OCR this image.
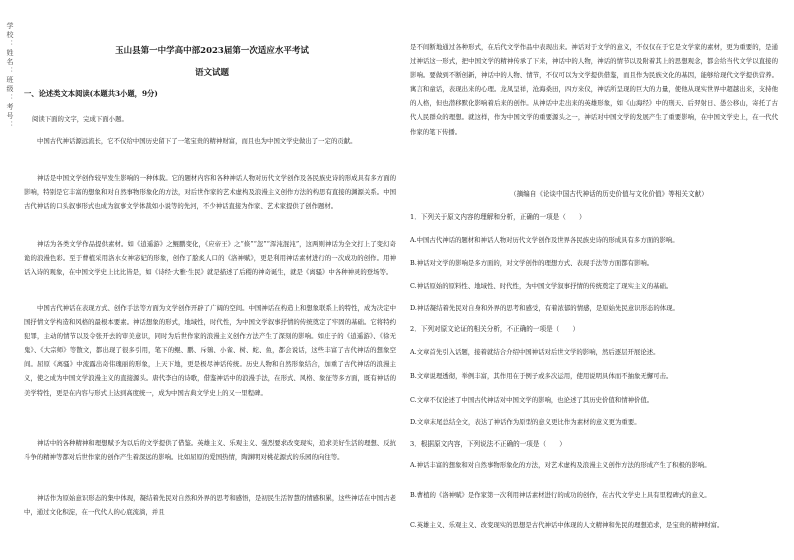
学校：姓名：班级：考号：	玉山县第一中学高中部2023届第一次适应水平考试
语文试题
一、论述类文本阅读(本题共3小题，9分)
阅读下面的文字，完成下面小题。
中国古代神话源远流长，它不仅给中国历史留下了一笔宝贵的精神财富，而且也为中国文学史做出了一定的贡献。
神话是中国文学创作较早发生影响的一种体裁。它的题材内容和各种神话人物对历代文学创作及各民族史诗的形成具有多方面的影响，特别是它丰富的想象和对自然事物形象化的方法，对后世作家的艺术虚构及浪漫主义创作方法的构思有直接的渊源关系。中国古代神话的口头叙事形式也成为叙事文学体裁如小说等的先河，不少神话直接为作家、艺术家提供了创作题材。
神话为各类文学作品提供素材。如《逍遥游》之鲲鹏变化，《应帝王》之“倏”“忽”“浑沌混沌”，这两则神话为全文打上了变幻奇诡的浪漫色彩。至于曹植采用洛水女神宓妃的形象，创作了脍炙人口的《洛神赋》，更是利用神话素材进行的一次成功的创作。用神话入诗的观象，在中国文学史上比比皆是，如《诗经·大雅·生民》就是描述了后稷的神奇诞生，就是《离骚》中各种神灵的登场等。
中国古代神话在表现方式、创作手法等方面为文学创作开辟了广阔的空间。中国神话在构造上和想象联系上的特性，成为决定中国抒情文学构造和风格的最根本要素。神话想象的形式，地域性，时代性，为中国文学叙事抒情的传统奠定了牢固的基础。它将特约犯罪，主动的情节以及令张开去的审美意识，同时为后世作家的浪漫主义创作方法产生了深刻的影响。如庄子的《逍遥游》、《徐无鬼》、《大宗师》等散文，都出现了很多引用，笔下的鲲、鹏、斥鴳、小雀、树、蛇、鱼，都会说话，这些丰富了古代神话的想象空间。屈原《离骚》中流露出奇伟瑰丽的形象，上天下地，更是极尽神话传统。历史人物和自然形象结合，加重了古代神话的浪漫主义，使之成为中国文学浪漫主义的直接源头。唐代李白的诗歌，借鉴神话中的浪漫手法，在形式、风格、象征等多方面，既有神话的美学特性，更是在内容与形式上达到高度统一，成为中国古典文学史上的又一里程碑。
神话中的各种精神和理想赋予为以后的文学提供了借鉴。英雄主义、乐观主义、强烈要求改变现实，追求美好生活的理想、反抗斗争的精神等都对后世作家的创作产生着深远的影响。比如屈原的爱国热情，陶渊明对桃花源式的乐园的向往等。
神话作为原始意识形态的集中体现，凝结着先民对自然和外界的思考和感悟，是初民生活智慧的情感积累，这些神话在中国古老中，通过文化积淀，在一代代人的心底流淌，并且
是不间断地通过各种形式，在后代文学作品中表现出来。神话对于文学的意义，不仅仅在于它是文学家的素材，更为重要的，是通过神话这一形式，把中国文学的精神传承了下来，神话中的人物，神话的情节以及附着其上的思想观念，都会给当代文学以直接的影响。要做到不断创新，神话中的人物、情节，不仅可以为文学提供借鉴，而且作为民族文化的基因，能够给现代文学提供营养。寓言和童话，表现出来的心理。龙凤呈祥，沧海桑田，四方来仪，神话所呈现的巨大的力量，使他从现实世界中超越出来，支持他的人格，但也潜移默化影响着后来的创作。从神话中走出来的英雄形象，如《山海经》中的刑天、后羿射日、愚公移山，寄托了古代人民群众的理想。就这样，作为中国文学的重要源头之一，神话对中国文学的发展产生了重要影响，在中国文学史上，在一代代作家的笔下传播。
（摘编自《论谈中国古代神话的历史价值与文化价值》等相关文献）
1．下列关于原文内容的理解和分析，正确的一项是（　　）
A.中国古代神话的题材和神话人物对历代文学创作及世界各民族史诗的形成具有多方面的影响。
B.神话对文学的影响是多方面的，对文学创作的理想方式、表现手法等方面都有影响。
C.神话原始的原料性、地域性、时代性，为中国文学叙事抒情的传统奠定了现实主义的基础。
D.神话凝结着先民对自身和外界的思考和感受，有着浓郁的情感，是原始先民意识形态的体现。
2．下列对原文论证的相关分析，不正确的一项是（　　）
A.文章首先引入话题，接着就结合介绍中国神话对后世文学的影响，然后逐层开展论述。
B.文章说理透彻，举例丰富，其作用在于例子或多次运用，使用说明具体而不抽象无懈可击。
C.文章不仅论述了中国古代神话对中国文学的影响，也论述了其历史价值和情神价值。
D.文章末尾总结全文，表达了神话作为原型的意义更比作为素材的意义更为重要。
3．根据原文内容，下列说法不正确的一项是（　　）
A.神话丰富的想象和对自然事物形象化的方法，对艺术虚构及浪漫主义创作方法的形成产生了积极的影响。
B.曹植的《洛神赋》是作家第一次利用神话素材进行的成功的创作，在古代文学史上具有里程碑式的意义。
C.英雄主义、乐观主义、改变现实的思想是古代神话中体现的人文精神和先民的理想追求，是宝贵的精神财富。
